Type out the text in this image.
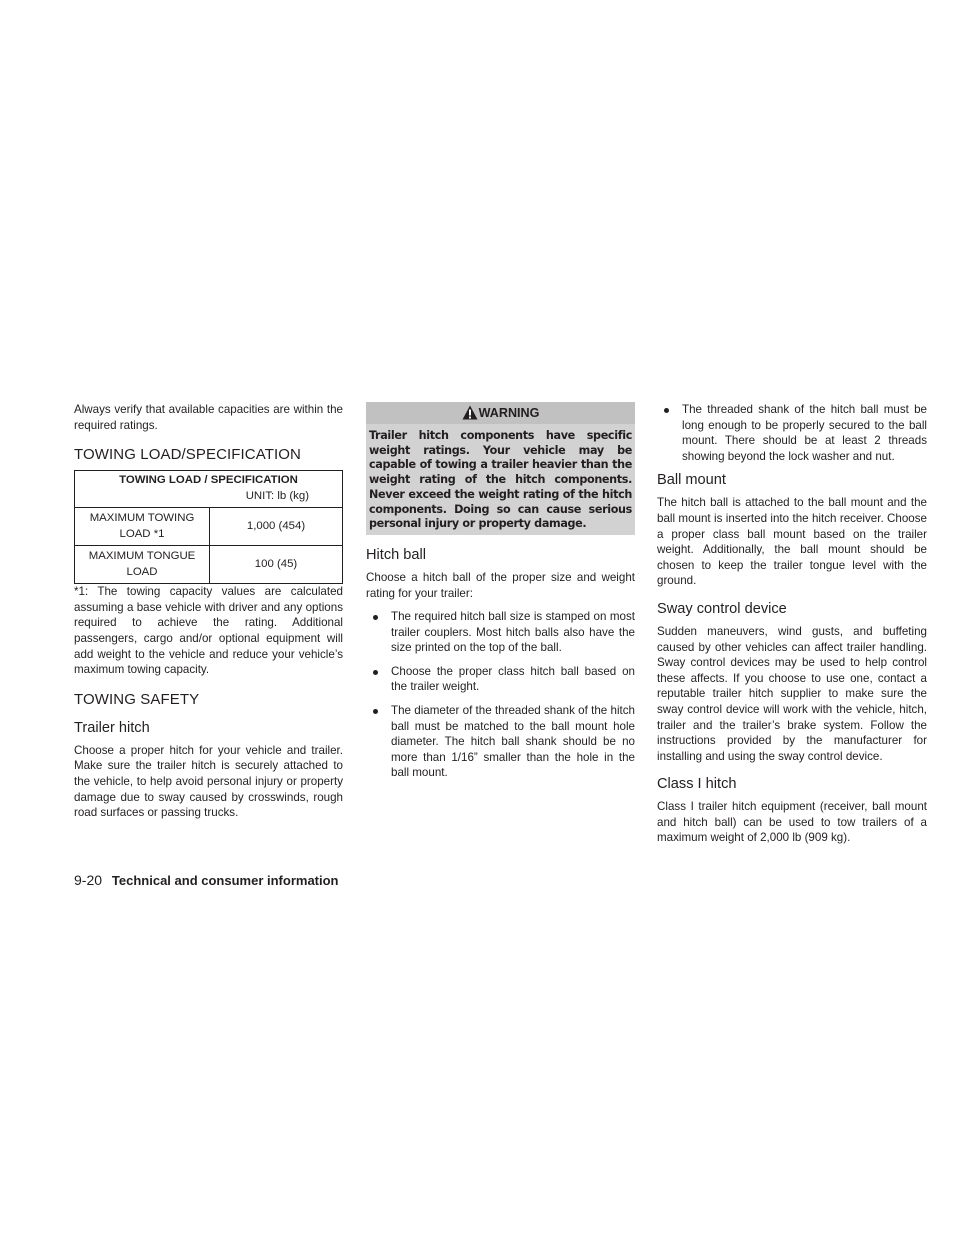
Always verify that available capacities are within the required ratings.

TOWING LOAD/SPECIFICATION
TOWING LOAD / SPECIFICATION	
UNIT: lb (kg)	
MAXIMUM TOWING LOAD *1	1,000 (454)
MAXIMUM TONGUE LOAD	100 (45)

*1: The towing capacity values are calculated assuming a base vehicle with driver and any options required to achieve the rating. Additional passengers, cargo and/or optional equipment will add weight to the vehicle and reduce your vehicle’s maximum towing capacity.

TOWING SAFETY
Trailer hitch

Choose a proper hitch for your vehicle and trailer. Make sure the trailer hitch is securely attached to the vehicle, to help avoid personal injury or property damage due to sway caused by crosswinds, rough road surfaces or passing trucks.

WARNING
Trailer hitch components have specific weight ratings. Your vehicle may be capable of towing a trailer heavier than the weight rating of the hitch components. Never exceed the weight rating of the hitch components. Doing so can cause serious personal injury or property damage.
Hitch ball

Choose a hitch ball of the proper size and weight rating for your trailer:

The required hitch ball size is stamped on most trailer couplers. Most hitch balls also have the size printed on the top of the ball.
Choose the proper class hitch ball based on the trailer weight.
The diameter of the threaded shank of the hitch ball must be matched to the ball mount hole diameter. The hitch ball shank should be no more than 1/16” smaller than the hole in the ball mount.
The threaded shank of the hitch ball must be long enough to be properly secured to the ball mount. There should be at least 2 threads showing beyond the lock washer and nut.
Ball mount

The hitch ball is attached to the ball mount and the ball mount is inserted into the hitch receiver. Choose a proper class ball mount based on the trailer weight. Additionally, the ball mount should be chosen to keep the trailer tongue level with the ground.

Sway control device

Sudden maneuvers, wind gusts, and buffeting caused by other vehicles can affect trailer handling. Sway control devices may be used to help control these affects. If you choose to use one, contact a reputable trailer hitch supplier to make sure the sway control device will work with the vehicle, hitch, trailer and the trailer’s brake system. Follow the instructions provided by the manufacturer for installing and using the sway control device.

Class I hitch

Class I trailer hitch equipment (receiver, ball mount and hitch ball) can be used to tow trailers of a maximum weight of 2,000 lb (909 kg).

9-20 Technical and consumer information
